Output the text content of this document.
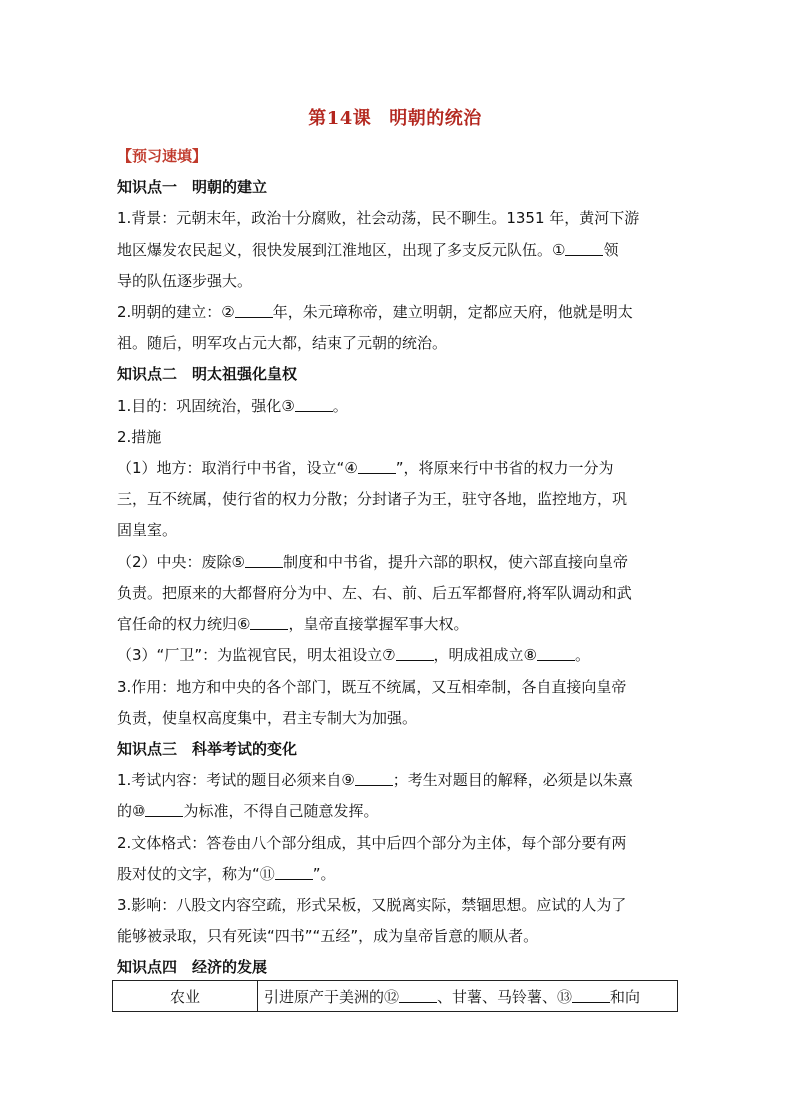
第14课 明朝的统治
【预习速填】
知识点一　明朝的建立
1.背景：元朝末年，政治十分腐败，社会动荡，民不聊生。1351 年，黄河下游
地区爆发农民起义，很快发展到江淮地区，出现了多支反元队伍。①	领
导的队伍逐步强大。
2.明朝的建立：②	年，朱元璋称帝，建立明朝，定都应天府，他就是明太
祖。随后，明军攻占元大都，结束了元朝的统治。
知识点二　明太祖强化皇权
1.目的：巩固统治，强化③	。
2.措施
（1）地方：取消行中书省，设立“④	”，将原来行中书省的权力一分为
三，互不统属，使行省的权力分散；分封诸子为王，驻守各地，监控地方，巩
固皇室。
（2）中央：废除⑤	制度和中书省，提升六部的职权，使六部直接向皇帝
负责。把原来的大都督府分为中、左、右、前、后五军都督府,将军队调动和武
官任命的权力统归⑥	，皇帝直接掌握军事大权。
（3）“厂卫”：为监视官民，明太祖设立⑦	，明成祖成立⑧	。
3.作用：地方和中央的各个部门，既互不统属，又互相牵制，各自直接向皇帝
负责，使皇权高度集中，君主专制大为加强。
知识点三　科举考试的变化
1.考试内容：考试的题目必须来自⑨	；考生对题目的解释，必须是以朱熹
的⑩	为标准，不得自己随意发挥。
2.文体格式：答卷由八个部分组成，其中后四个部分为主体，每个部分要有两
股对仗的文字，称为“⑪	”。
3.影响：八股文内容空疏，形式呆板，又脱离实际，禁锢思想。应试的人为了
能够被录取，只有死读“四书”“五经”，成为皇帝旨意的顺从者。
知识点四　经济的发展
农业	引进原产于美洲的⑫	、甘薯、马铃薯、⑬	和向
